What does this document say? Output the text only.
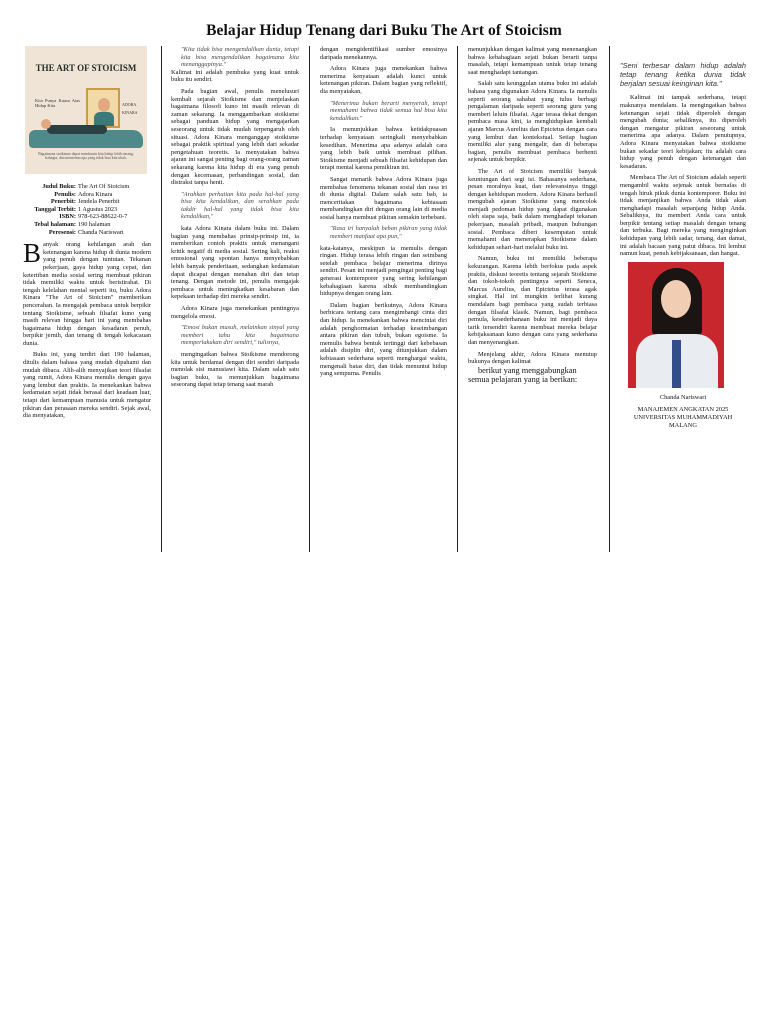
Belajar Hidup Tenang dari Buku The Art of Stoicism
THE ART OF STOICISM
Kita Punya Kuasa Atas Hidup Kita	ADORA KINARA
Bagaimana stoikisme dapat membantu kita hidup lebih tenang, bahagia, dan menerima apa yang tidak bisa kita ubah.
Judul Buku: The Art Of Stoicism
Penulis: Adora Kinara
Penerbit: Jendela Penerbit
Tanggal Terbit: 1 Agustus 2023
ISBN: 978-623-88622-0-7
Tebal halaman: 190 halaman
Peresensi: Chanda Nariswari

Banyak orang kehilangan arah dan ketenangan karena hidup di dunia modern yang penuh dengan tuntutan. Tekanan pekerjaan, gaya hidup yang cepat, dan ketertiban media sosial sering membuat pikiran tidak memiliki waktu untuk beristirahat. Di tengah kelelahan mental seperti itu, buku Adora Kinara "The Art of Stoicism" memberikan pencerahan. Ia mengajak pembaca untuk berpikir tentang Stoikisme, sebuah filsafat kuno yang masih relevan hingga hari ini yang membahas bagaimana hidup dengan kesadaran penuh, berpikir jernih, dan tenang di tengah kekacauan dunia.

Buku ini, yang terdiri dari 190 halaman, ditulis dalam bahasa yang mudah dipahami dan mudah dibaca. Alih-alih menyajikan teori filsafat yang rumit, Adora Kinara menulis dengan gaya yang lembut dan praktis. Ia menekankan bahwa kedamaian sejati tidak berasal dari keadaan luar, tetapi dari kemampuan manusia untuk mengatur pikiran dan perasaan mereka sendiri. Sejak awal, dia menyatakan,

"Kita tidak bisa mengendalikan dunia, tetapi kita bisa mengendalikan bagaimana kita menanggapinya."

Kalimat ini adalah pembuka yang kuat untuk buku itu sendiri.

Pada bagian awal, penulis menelusuri kembali sejarah Stoikisme dan menjelaskan bagaimana filosofi kuno ini masih relevan di zaman sekarang. Ia menggambarkan stoikisme sebagai panduan hidup yang mengajarkan seseorang untuk tidak mudah terpengaruh oleh situasi. Adora Kinara menganggap stoikisme sebagai praktik spiritual yang lebih dari sekadar pengetahuan teoretis. Ia menyatakan bahwa ajaran ini sangat penting bagi orang-orang zaman sekarang karena kita hidup di era yang penuh dengan kecemasan, perbandingan sosial, dan distraksi tanpa henti.

"Arahkan perhatian kita pada hal-hal yang bisa kita kendalikan, dan serahkan pada takdir hal-hal yang tidak bisa kita kendalikan,"

kata Adora Kinara dalam buku ini. Dalam bagian yang membahas prinsip-prinsip ini, ia memberikan contoh praktis untuk menangani kritik negatif di media sosial. Sering kali, reaksi emosional yang spontan hanya menyebabkan lebih banyak penderitaan, sedangkan kedamaian dapat dicapai dengan menahan diri dan tetap tenang. Dengan metode ini, penulis mengajak pembaca untuk meningkatkan kesabaran dan kepekaan terhadap diri mereka sendiri.

Adora Kinara juga menekankan pentingnya mengelola emosi.

"Emosi bukan musuh, melainkan sinyal yang memberi tahu kita bagaimana memperlakukan diri sendiri," tulisnya,

mengingatkan bahwa Stoikisme mendorong kita untuk berdamai dengan diri sendiri daripada menolak sisi manusiawi kita. Dalam salah satu bagian buku, ia menunjukkan bagaimana seseorang dapat tetap tenang saat marah

dengan mengidentifikasi sumber emosinya daripada menekannya.

Adora Kinara juga menekankan bahwa menerima kenyataan adalah kunci untuk ketenangan pikiran. Dalam bagian yang reflektif, dia menyatakan,

"Menerima bukan berarti menyerah, tetapi memahami bahwa tidak semua hal bisa kita kendalikan."

Ia menunjukkan bahwa ketidakpuasan terhadap kenyataan seringkali menyebabkan kesedihan. Menerima apa adanya adalah cara yang lebih baik untuk membuat pilihan. Stoikisme menjadi sebuah filsafat kehidupan dan terapi mental karena pemikiran ini.

Sangat menarik bahwa Adora Kinara juga membahas fenomena tekanan sosial dan rasa iri di dunia digital. Dalam salah satu bab, ia menceritakan bagaimana kebiasaan membandingkan diri dengan orang lain di media sosial hanya membuat pikiran semakin terbebani.

"Rasa iri hanyalah beban pikiran yang tidak memberi manfaat apa pun,"

kata-katanya, meskipun ia memulis dengan ringan. Hidup terasa lebih ringan dan seimbang setelah pembaca belajar menerima dirinya sendiri. Pesan ini menjadi pengingat penting bagi generasi kontemporer yang sering kehilangan kebahagiaan karena sibuk membandingkan hidupnya dengan orang lain.

Dalam bagian berikutnya, Adora Kinara berbicara tentang cara mengimbangi cinta diri dan hidup. Ia menekankan bahwa mencintai diri adalah penghormatan terhadap keseimbangan antara pikiran dan tubuh, bukan egoisme. Ia memulis bahwa bentuk tertinggi dari kebebasan adalah disiplin diri, yang ditunjukkan dalam kebiasaan sederhana seperti menghargai waktu, mengenali batas diri, dan tidak menuntut hidup yang sempurna. Penulis

menunjukkan dengan kalimat yang menenangkan bahwa kebahagiaan sejati bukan berarti tanpa masalah, tetapi kemampuan untuk tetap tenang saat menghadapi tantangan.

Salah satu keunggulan utama buku ini adalah bahasa yang digunakan Adora Kinara. Ia menulis seperti seorang sahabat yang tulus berbagi pengalaman daripada seperti seorang guru yang memberi leluin filsafat. Agar terasa dekat dengan pembaca masa kini, ia menghidupkan kembali ajaran Marcus Aurelius dan Epictetus dengan cara yang lembut dan kontekstual. Setiap bagian memiliki alur yang mengalir, dan di beberapa bagian, penulis membuat pembaca berhenti sejenak untuk berpikir.

The Art of Stoicism memiliki banyak keuntungan dari segi isi. Bahasanya sederhana, pesan moralnya kuat, dan relevansinya tinggi dengan kehidupan modern. Adora Kinara berhasil mengubah ajaran Stoikisme yang mencolok menjadi pedoman hidup yang dapat digunakan oleh siapa saja, baik dalam menghadapi tekanan pekerjaan, masalah pribadi, maupun hubungan sosial. Pembaca diberi kesempatan untuk memahami dan menerapkan Stoikisme dalam kehidupan sehari-hari melalui buku ini.

Namun, buku ini memiliki beberapa kekurangan. Karena lebih berfokus pada aspek praktis, diskusi teoretis tentang sejarah Stoikisme dan tokoh-tokoh pentingnya seperti Seneca, Marcus Aurelius, dan Epictetus terasa agak singkat. Hal ini mungkin terlihat kurang mendalam bagi pembaca yang sudah terbiasa dengan filsafat klasik. Namun, bagi pembaca pemula, kesederhanaan buku ini menjadi daya tarik tersendiri karena membuat mereka belajar kebijaksanaan kuno dengan cara yang sederhana dan menyenangkan.

Menjelang akhir, Adora Kinara menutup bukunya dengan kalimat

berikut yang menggabungkan semua pelajaran yang ia berikan:

"Seni terbesar dalam hidup adalah tetap tenang ketika dunia tidak berjalan sesuai keinginan kita."

Kalimat ini tampak sederhana, tetapi maknanya mendalam. Ia mengingatkan bahwa ketenangan sejati tidak diperoleh dengan mengubah dunia; sebaliknya, itu diperoleh dengan mengatur pikiran seseorang untuk menerima apa adanya. Dalam penutupnya, Adora Kinara menyatakan bahwa stoikisme bukan sekadar teori kebijakan; itu adalah cara hidup yang penuh dengan ketenangan dan kesadaran.

Membaca The Art of Stoicism adalah seperti mengambil waktu sejenak untuk bernafas di tengah hiruk pikuk dunia kontemporer. Buku ini tidak menjanjikan bahwa Anda tidak akan menghadapi masalah sepanjang hidup Anda. Sebaliknya, itu memberi Anda cara untuk berpikir tentang setiap masalah dengan tenang dan terbuka. Bagi mereka yang menginginkan kehidupan yang lebih sadar, tenang, dan damai, ini adalah bacaan yang patut dibaca. Ini lembut namun kuat, penuh kebijaksanaan, dan hangat.

Chanda Nariswari
MANAJEMEN ANGKATAN 2025
UNIVERSITAS MUHAMMADIYAH
MALANG
